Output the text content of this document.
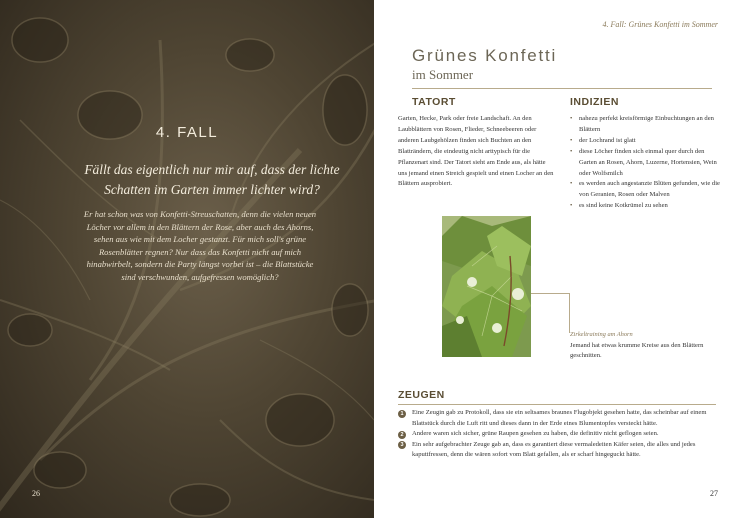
4. FALL

Fällt das eigentlich nur mir auf, dass der lichte Schatten im Garten immer lichter wird?

Er hat schon was von Konfetti-Streuschatten, denn die vielen neuen Löcher vor allem in den Blättern der Rose, aber auch des Ahorns, sehen aus wie mit dem Locher gestanzt. Für mich soll's grüne Rosenblätter regnen? Nur dass das Konfetti nicht auf mich hinabwirbelt, sondern die Party längst vorbei ist – die Blattstücke sind verschwunden, aufgefressen womöglich?

26
4. Fall: Grünes Konfetti im Sommer
Grünes Konfetti
im Sommer
TATORT

Garten, Hecke, Park oder freie Landschaft. An den Laubblättern von Rosen, Flieder, Schneebeeren oder anderen Laubgehölzen finden sich Buchten an den Blatträndern, die eindeutig nicht arttypisch für die Pflanzenart sind. Der Tatort sieht am Ende aus, als hätte uns jemand einen Streich gespielt und einen Locher an den Blättern ausprobiert.

INDIZIEN
• nahezu perfekt kreisförmige Einbuchtungen an den Blättern
• der Lochrand ist glatt
• diese Löcher finden sich einmal quer durch den Garten an Rosen, Ahorn, Luzerne, Hortensien, Wein oder Wolfsmilch
• es werden auch angestanzte Blüten gefunden, wie die von Geranien, Rosen oder Malven
• es sind keine Kotkrümel zu sehen
Zirkeltraining am Ahorn

Jemand hat etwas krumme Kreise aus den Blättern geschnitten.

ZEUGEN
1	Eine Zeugin gab zu Protokoll, dass sie ein seltsames braunes Flugobjekt gesehen hatte, das scheinbar auf einem Blattstück durch die Luft ritt und dieses dann in der Erde eines Blumentopfes versteckt hätte.
2	Andere waren sich sicher, grüne Raupen gesehen zu haben, die definitiv nicht geflogen seien.
3	Ein sehr aufgebrachter Zeuge gab an, dass es garantiert diese vermaledeiten Käfer seien, die alles und jedes kaputtfressen, denn die wären sofort vom Blatt gefallen, als er scharf hingeguckt hätte.
27
